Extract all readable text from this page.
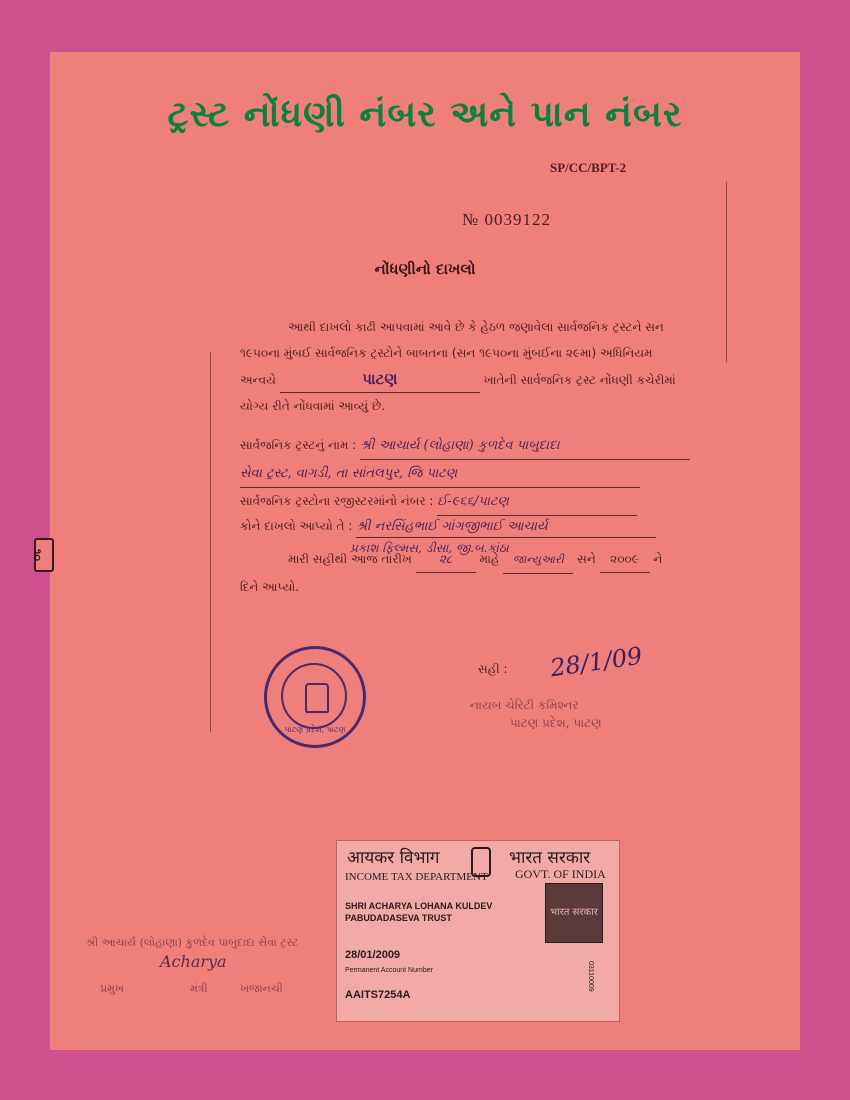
૧૦
ટ્રસ્ટ નોંધણી નંબર અને પાન નંબર
SP/CC/BPT-2
№ 0039122
નોંધણીનો દાખલો
આથી દાખલો કાઢી આપવામાં આવે છે કે હેઠળ જણાવેલા સાર્વજનિક ટ્રસ્ટને સન
૧૯૫૦ના મુંબઈ સાર્વજનિક ટ્રસ્ટોને બાબતના (સન ૧૯૫૦ના મુંબઈના ૨૯મા) અધિનિયમ
અન્વયે	પાટણ	ખાતેની સાર્વજનિક ટ્રસ્ટ નોંધણી કચેરીમાં
યોગ્ય રીતે નોંધવામાં આવ્યું છે.
સાર્વજનિક ટ્રસ્ટનું નામ : શ્રી આચાર્ય (લોહાણા) કુળદેવ પાબુદાદા
સેવા ટ્રસ્ટ, વાગડી, તા સાંતલપુર, જિ પાટણ
સાર્વજનિક ટ્રસ્ટોના રજીસ્ટરમાંનો નંબર : ઈ-૯૬૬/પાટણ
કોને દાખલો આપ્યો તે : શ્રી નરસિંહભાઈ ગાંગજીભાઈ આચાર્ય
પ્રકાશ ફિલ્મસ, ડીસા, જી.બ.કાંઠા
મારી સહીથી આજ તારીખ ૨૮ માહે જાન્યુઆરી સને ૨૦૦૯ ને
દિને આપ્યો.
પાટણ પ્રદેશ, પાટણ
સહી : 28/1/09
નાયબ ચેરિટી કમિશ્નર
પાટણ પ્રદેશ, પાટણ
आयकर विभाग	भारत सरकार
INCOME TAX DEPARTMENT GOVT. OF INDIA
SHRI ACHARYA LOHANA KULDEV
PABUDADASEVA TRUST	भारत सरकार
28/01/2009
Permanent Account Number
AAITS7254A
03110009
શ્રી આચાર્ય (લોહાણા) કુળદેવ પાબુદાદા સેવા ટ્રસ્ટ
Acharya
પ્રમુખ	મંત્રી	ખજાનચી
